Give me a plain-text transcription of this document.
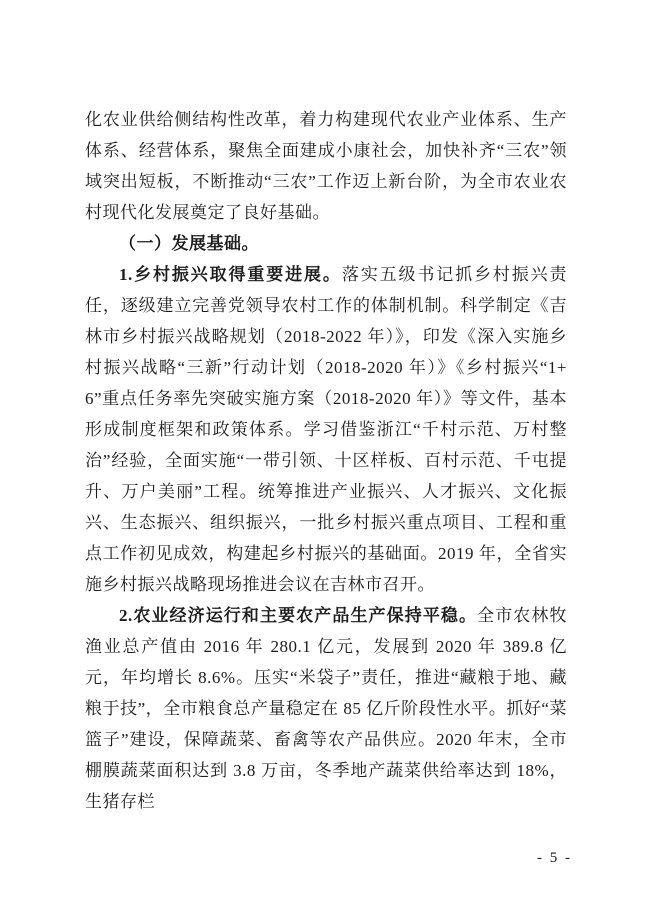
化农业供给侧结构性改革，着力构建现代农业产业体系、生产体系、经营体系，聚焦全面建成小康社会，加快补齐“三农”领域突出短板，不断推动“三农”工作迈上新台阶，为全市农业农村现代化发展奠定了良好基础。

（一）发展基础。

1.乡村振兴取得重要进展。落实五级书记抓乡村振兴责任，逐级建立完善党领导农村工作的体制机制。科学制定《吉林市乡村振兴战略规划（2018-2022 年）》，印发《深入实施乡村振兴战略“三新”行动计划（2018-2020 年）》《乡村振兴“1+6”重点任务率先突破实施方案（2018-2020 年）》等文件，基本形成制度框架和政策体系。学习借鉴浙江“千村示范、万村整治”经验，全面实施“一带引领、十区样板、百村示范、千屯提升、万户美丽”工程。统筹推进产业振兴、人才振兴、文化振兴、生态振兴、组织振兴，一批乡村振兴重点项目、工程和重点工作初见成效，构建起乡村振兴的基础面。2019 年，全省实施乡村振兴战略现场推进会议在吉林市召开。

2.农业经济运行和主要农产品生产保持平稳。全市农林牧渔业总产值由 2016 年 280.1 亿元，发展到 2020 年 389.8 亿元，年均增长 8.6%。压实“米袋子”责任，推进“藏粮于地、藏粮于技”，全市粮食总产量稳定在 85 亿斤阶段性水平。抓好“菜篮子”建设，保障蔬菜、畜禽等农产品供应。2020 年末，全市棚膜蔬菜面积达到 3.8 万亩，冬季地产蔬菜供给率达到 18%，生猪存栏

- 5 -
